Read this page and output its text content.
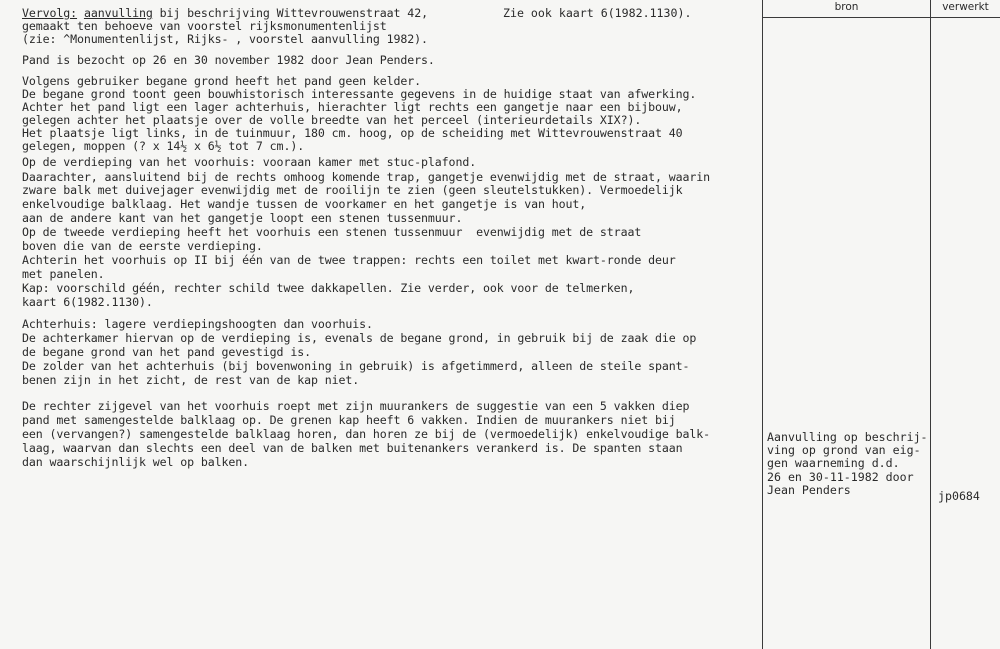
Vervolg: aanvulling bij beschrijving Wittevrouwenstraat 42,
gemaakt ten behoeve van voorstel rijksmonumentenlijst
(zie: ^Monumentenlijst, Rijks- , voorstel aanvulling 1982).
Zie ook kaart 6(1982.1130).
Pand is bezocht op 26 en 30 november 1982 door Jean Penders.
Volgens gebruiker begane grond heeft het pand geen kelder.
De begane grond toont geen bouwhistorisch interessante gegevens in de huidige staat van afwerking.
Achter het pand ligt een lager achterhuis, hierachter ligt rechts een gangetje naar een bijbouw,
gelegen achter het plaatsje over de volle breedte van het perceel (interieurdetails XIX?).
Het plaatsje ligt links, in de tuinmuur, 180 cm. hoog, op de scheiding met Wittevrouwenstraat 40
gelegen, moppen (? x 14½ x 6½ tot 7 cm.).
Op de verdieping van het voorhuis: vooraan kamer met stuc-plafond.
Daarachter, aansluitend bij de rechts omhoog komende trap, gangetje evenwijdig met de straat, waarin
zware balk met duivejager evenwijdig met de rooilijn te zien (geen sleutelstukken). Vermoedelijk
enkelvoudige balklaag. Het wandje tussen de voorkamer en het gangetje is van hout,
aan de andere kant van het gangetje loopt een stenen tussenmuur.
Op de tweede verdieping heeft het voorhuis een stenen tussenmuur  evenwijdig met de straat
boven die van de eerste verdieping.
Achterin het voorhuis op II bij één van de twee trappen: rechts een toilet met kwart-ronde deur
met panelen.
Kap: voorschild géén, rechter schild twee dakkapellen. Zie verder, ook voor de telmerken,
kaart 6(1982.1130).
Achterhuis: lagere verdiepingshoogten dan voorhuis.
De achterkamer hiervan op de verdieping is, evenals de begane grond, in gebruik bij de zaak die op
de begane grond van het pand gevestigd is.
De zolder van het achterhuis (bij bovenwoning in gebruik) is afgetimmerd, alleen de steile spant-
benen zijn in het zicht, de rest van de kap niet.
De rechter zijgevel van het voorhuis roept met zijn muurankers de suggestie van een 5 vakken diep
pand met samengestelde balklaag op. De grenen kap heeft 6 vakken. Indien de muurankers niet bij
een (vervangen?) samengestelde balklaag horen, dan horen ze bij de (vermoedelijk) enkelvoudige balk-
laag, waarvan dan slechts een deel van de balken met buitenankers verankerd is. De spanten staan
dan waarschijnlijk wel op balken.
bron	verwerkt
Aanvulling op beschrij-
ving op grond van eig-
gen waarneming d.d.
26 en 30-11-1982 door
Jean Penders	jp0684
